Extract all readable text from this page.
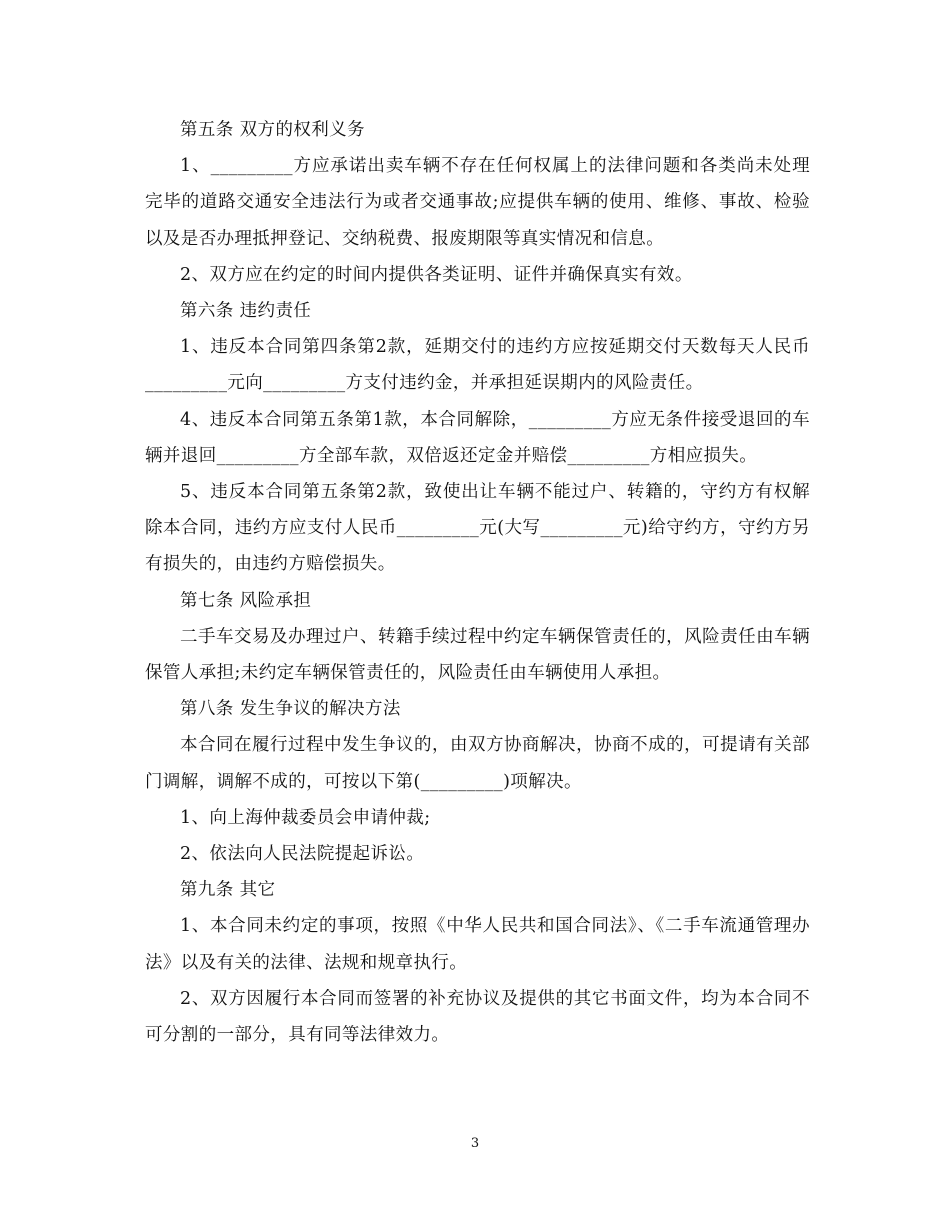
第五条 双方的权利义务

1、_________方应承诺出卖车辆不存在任何权属上的法律问题和各类尚未处理完毕的道路交通安全违法行为或者交通事故;应提供车辆的使用、维修、事故、检验以及是否办理抵押登记、交纳税费、报废期限等真实情况和信息。

2、双方应在约定的时间内提供各类证明、证件并确保真实有效。

第六条 违约责任

1、违反本合同第四条第2款，延期交付的违约方应按延期交付天数每天人民币_________元向_________方支付违约金，并承担延误期内的风险责任。

4、违反本合同第五条第1款，本合同解除，_________方应无条件接受退回的车辆并退回_________方全部车款，双倍返还定金并赔偿_________方相应损失。

5、违反本合同第五条第2款，致使出让车辆不能过户、转籍的，守约方有权解除本合同，违约方应支付人民币_________元(大写_________元)给守约方，守约方另有损失的，由违约方赔偿损失。

第七条 风险承担

二手车交易及办理过户、转籍手续过程中约定车辆保管责任的，风险责任由车辆保管人承担;未约定车辆保管责任的，风险责任由车辆使用人承担。

第八条 发生争议的解决方法

本合同在履行过程中发生争议的，由双方协商解决，协商不成的，可提请有关部门调解，调解不成的，可按以下第(_________)项解决。

1、向上海仲裁委员会申请仲裁;

2、依法向人民法院提起诉讼。

第九条 其它

1、本合同未约定的事项，按照《中华人民共和国合同法》、《二手车流通管理办法》以及有关的法律、法规和规章执行。

2、双方因履行本合同而签署的补充协议及提供的其它书面文件，均为本合同不可分割的一部分，具有同等法律效力。

3
